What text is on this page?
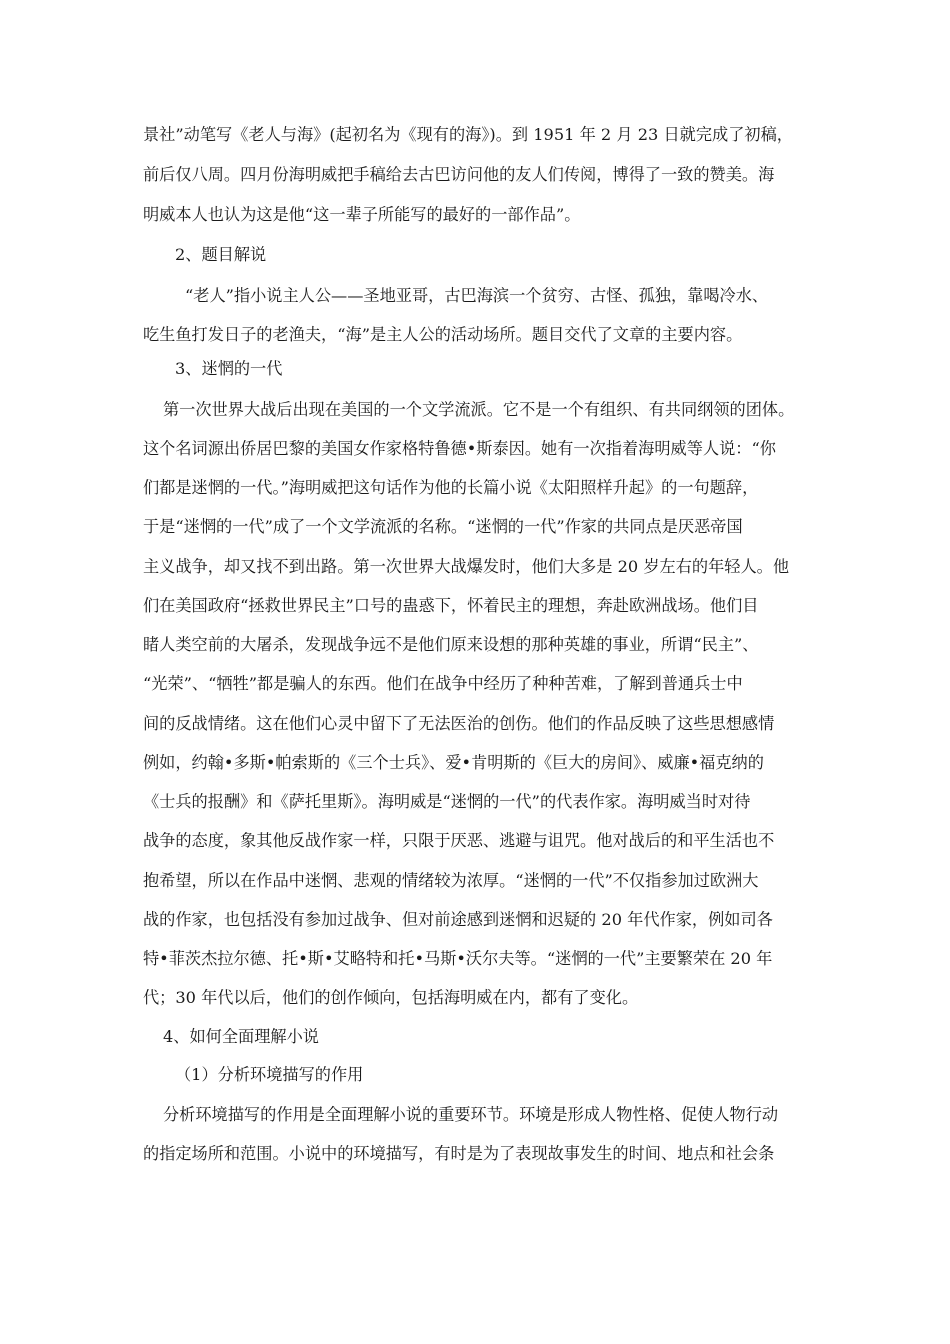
景社”动笔写《老人与海》(起初名为《现有的海》)。到 1951 年 2 月 23 日就完成了初稿，
前后仅八周。四月份海明威把手稿给去古巴访问他的友人们传阅，博得了一致的赞美。海
明威本人也认为这是他“这一辈子所能写的最好的一部作品”。
2、题目解说
“老人”指小说主人公——圣地亚哥，古巴海滨一个贫穷、古怪、孤独，靠喝冷水、
吃生鱼打发日子的老渔夫，“海”是主人公的活动场所。题目交代了文章的主要内容。
3、迷惘的一代
第一次世界大战后出现在美国的一个文学流派。它不是一个有组织、有共同纲领的团体。
这个名词源出侨居巴黎的美国女作家格特鲁德•斯泰因。她有一次指着海明威等人说：“你
们都是迷惘的一代。”海明威把这句话作为他的长篇小说《太阳照样升起》的一句题辞，
于是“迷惘的一代”成了一个文学流派的名称。“迷惘的一代”作家的共同点是厌恶帝国
主义战争，却又找不到出路。第一次世界大战爆发时，他们大多是 20 岁左右的年轻人。他
们在美国政府“拯救世界民主”口号的蛊惑下，怀着民主的理想，奔赴欧洲战场。他们目
睹人类空前的大屠杀，发现战争远不是他们原来设想的那种英雄的事业，所谓“民主”、
“光荣”、“牺牲”都是骗人的东西。他们在战争中经历了种种苦难，了解到普通兵士中
间的反战情绪。这在他们心灵中留下了无法医治的创伤。他们的作品反映了这些思想感情
例如，约翰•多斯•帕索斯的《三个士兵》、爱•肯明斯的《巨大的房间》、威廉•福克纳的
《士兵的报酬》和《萨托里斯》。海明威是“迷惘的一代”的代表作家。海明威当时对待
战争的态度，象其他反战作家一样，只限于厌恶、逃避与诅咒。他对战后的和平生活也不
抱希望，所以在作品中迷惘、悲观的情绪较为浓厚。“迷惘的一代”不仅指参加过欧洲大
战的作家，也包括没有参加过战争、但对前途感到迷惘和迟疑的 20 年代作家，例如司各
特•菲茨杰拉尔德、托•斯•艾略特和托•马斯•沃尔夫等。“迷惘的一代”主要繁荣在 20 年
代；30 年代以后，他们的创作倾向，包括海明威在内，都有了变化。
4、如何全面理解小说
（1）分析环境描写的作用
分析环境描写的作用是全面理解小说的重要环节。环境是形成人物性格、促使人物行动
的指定场所和范围。小说中的环境描写，有时是为了表现故事发生的时间、地点和社会条
